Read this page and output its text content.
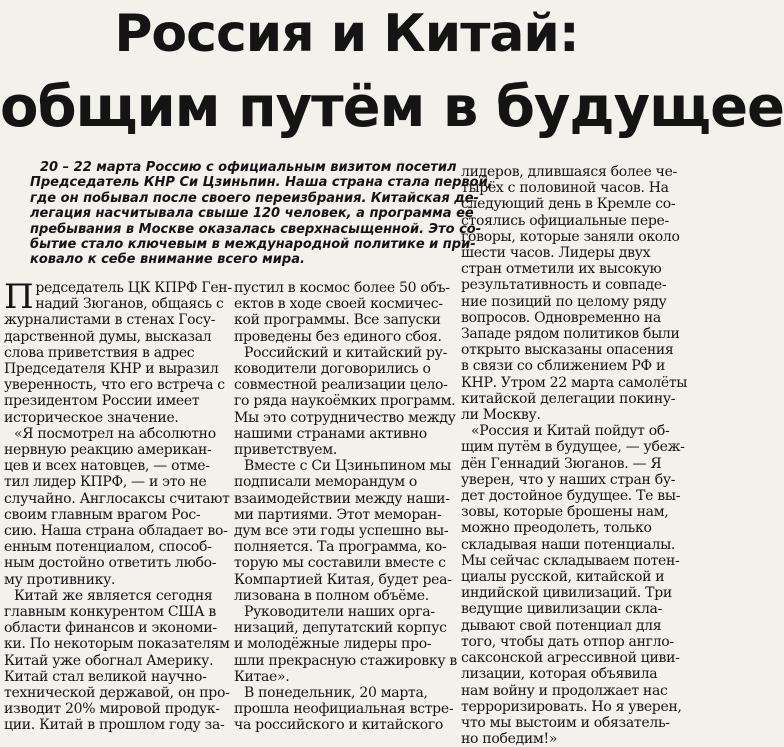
Россия и Китай:
общим путём в будущее
20 – 22 марта Россию с официальным визитом посетил
Председатель КНР Си Цзиньпин. Наша страна стала первой,
где он побывал после своего переизбрания. Китайская де-
легация насчитывала свыше 120 человек, а программа её
пребывания в Москве оказалась сверхнасыщенной. Это со-
бытие стало ключевым в международной политике и при-
ковало к себе внимание всего мира.
П редседатель ЦК КПРФ Ген-
надий Зюганов, общаясь с
журналистами в стенах Госу-
дарственной думы, высказал
слова приветствия в адрес
Председателя КНР и выразил
уверенность, что его встреча с
президентом России имеет
историческое значение.
«Я посмотрел на абсолютно
нервную реакцию американ-
цев и всех натовцев, — отме-
тил лидер КПРФ, — и это не
случайно. Англосаксы считают
своим главным врагом Рос-
сию. Наша страна обладает во-
енным потенциалом, способ-
ным достойно ответить любо-
му противнику.
Китай же является сегодня
главным конкурентом США в
области финансов и экономи-
ки. По некоторым показателям
Китай уже обогнал Америку.
Китай стал великой научно-
технической державой, он про-
изводит 20% мировой продук-
ции. Китай в прошлом году за-
пустил в космос более 50 объ-
ектов в ходе своей космичес-
кой программы. Все запуски
проведены без единого сбоя.
Российский и китайский ру-
ководители договорились о
совместной реализации цело-
го ряда наукоёмких программ.
Мы это сотрудничество между
нашими странами активно
приветствуем.
Вместе с Си Цзиньпином мы
подписали меморандум о
взаимодействии между наши-
ми партиями. Этот меморан-
дум все эти годы успешно вы-
полняется. Та программа, ко-
торую мы составили вместе с
Компартией Китая, будет реа-
лизована в полном объёме.
Руководители наших орга-
низаций, депутатский корпус
и молодёжные лидеры про-
шли прекрасную стажировку в
Китае».
В понедельник, 20 марта,
прошла неофициальная встре-
ча российского и китайского
лидеров, длившаяся более че-
тырёх с половиной часов. На
следующий день в Кремле со-
стоялись официальные пере-
говоры, которые заняли около
шести часов. Лидеры двух
стран отметили их высокую
результативность и совпаде-
ние позиций по целому ряду
вопросов. Одновременно на
Западе рядом политиков были
открыто высказаны опасения
в связи со сближением РФ и
КНР. Утром 22 марта самолёты
китайской делегации покину-
ли Москву.
«Россия и Китай пойдут об-
щим путём в будущее, — убеж-
дён Геннадий Зюганов. — Я
уверен, что у наших стран бу-
дет достойное будущее. Те вы-
зовы, которые брошены нам,
можно преодолеть, только
складывая наши потенциалы.
Мы сейчас складываем потен-
циалы русской, китайской и
индийской цивилизаций. Три
ведущие цивилизации скла-
дывают свой потенциал для
того, чтобы дать отпор англо-
саксонской агрессивной циви-
лизации, которая объявила
нам войну и продолжает нас
терроризировать. Но я уверен,
что мы выстоим и обязатель-
но победим!»
